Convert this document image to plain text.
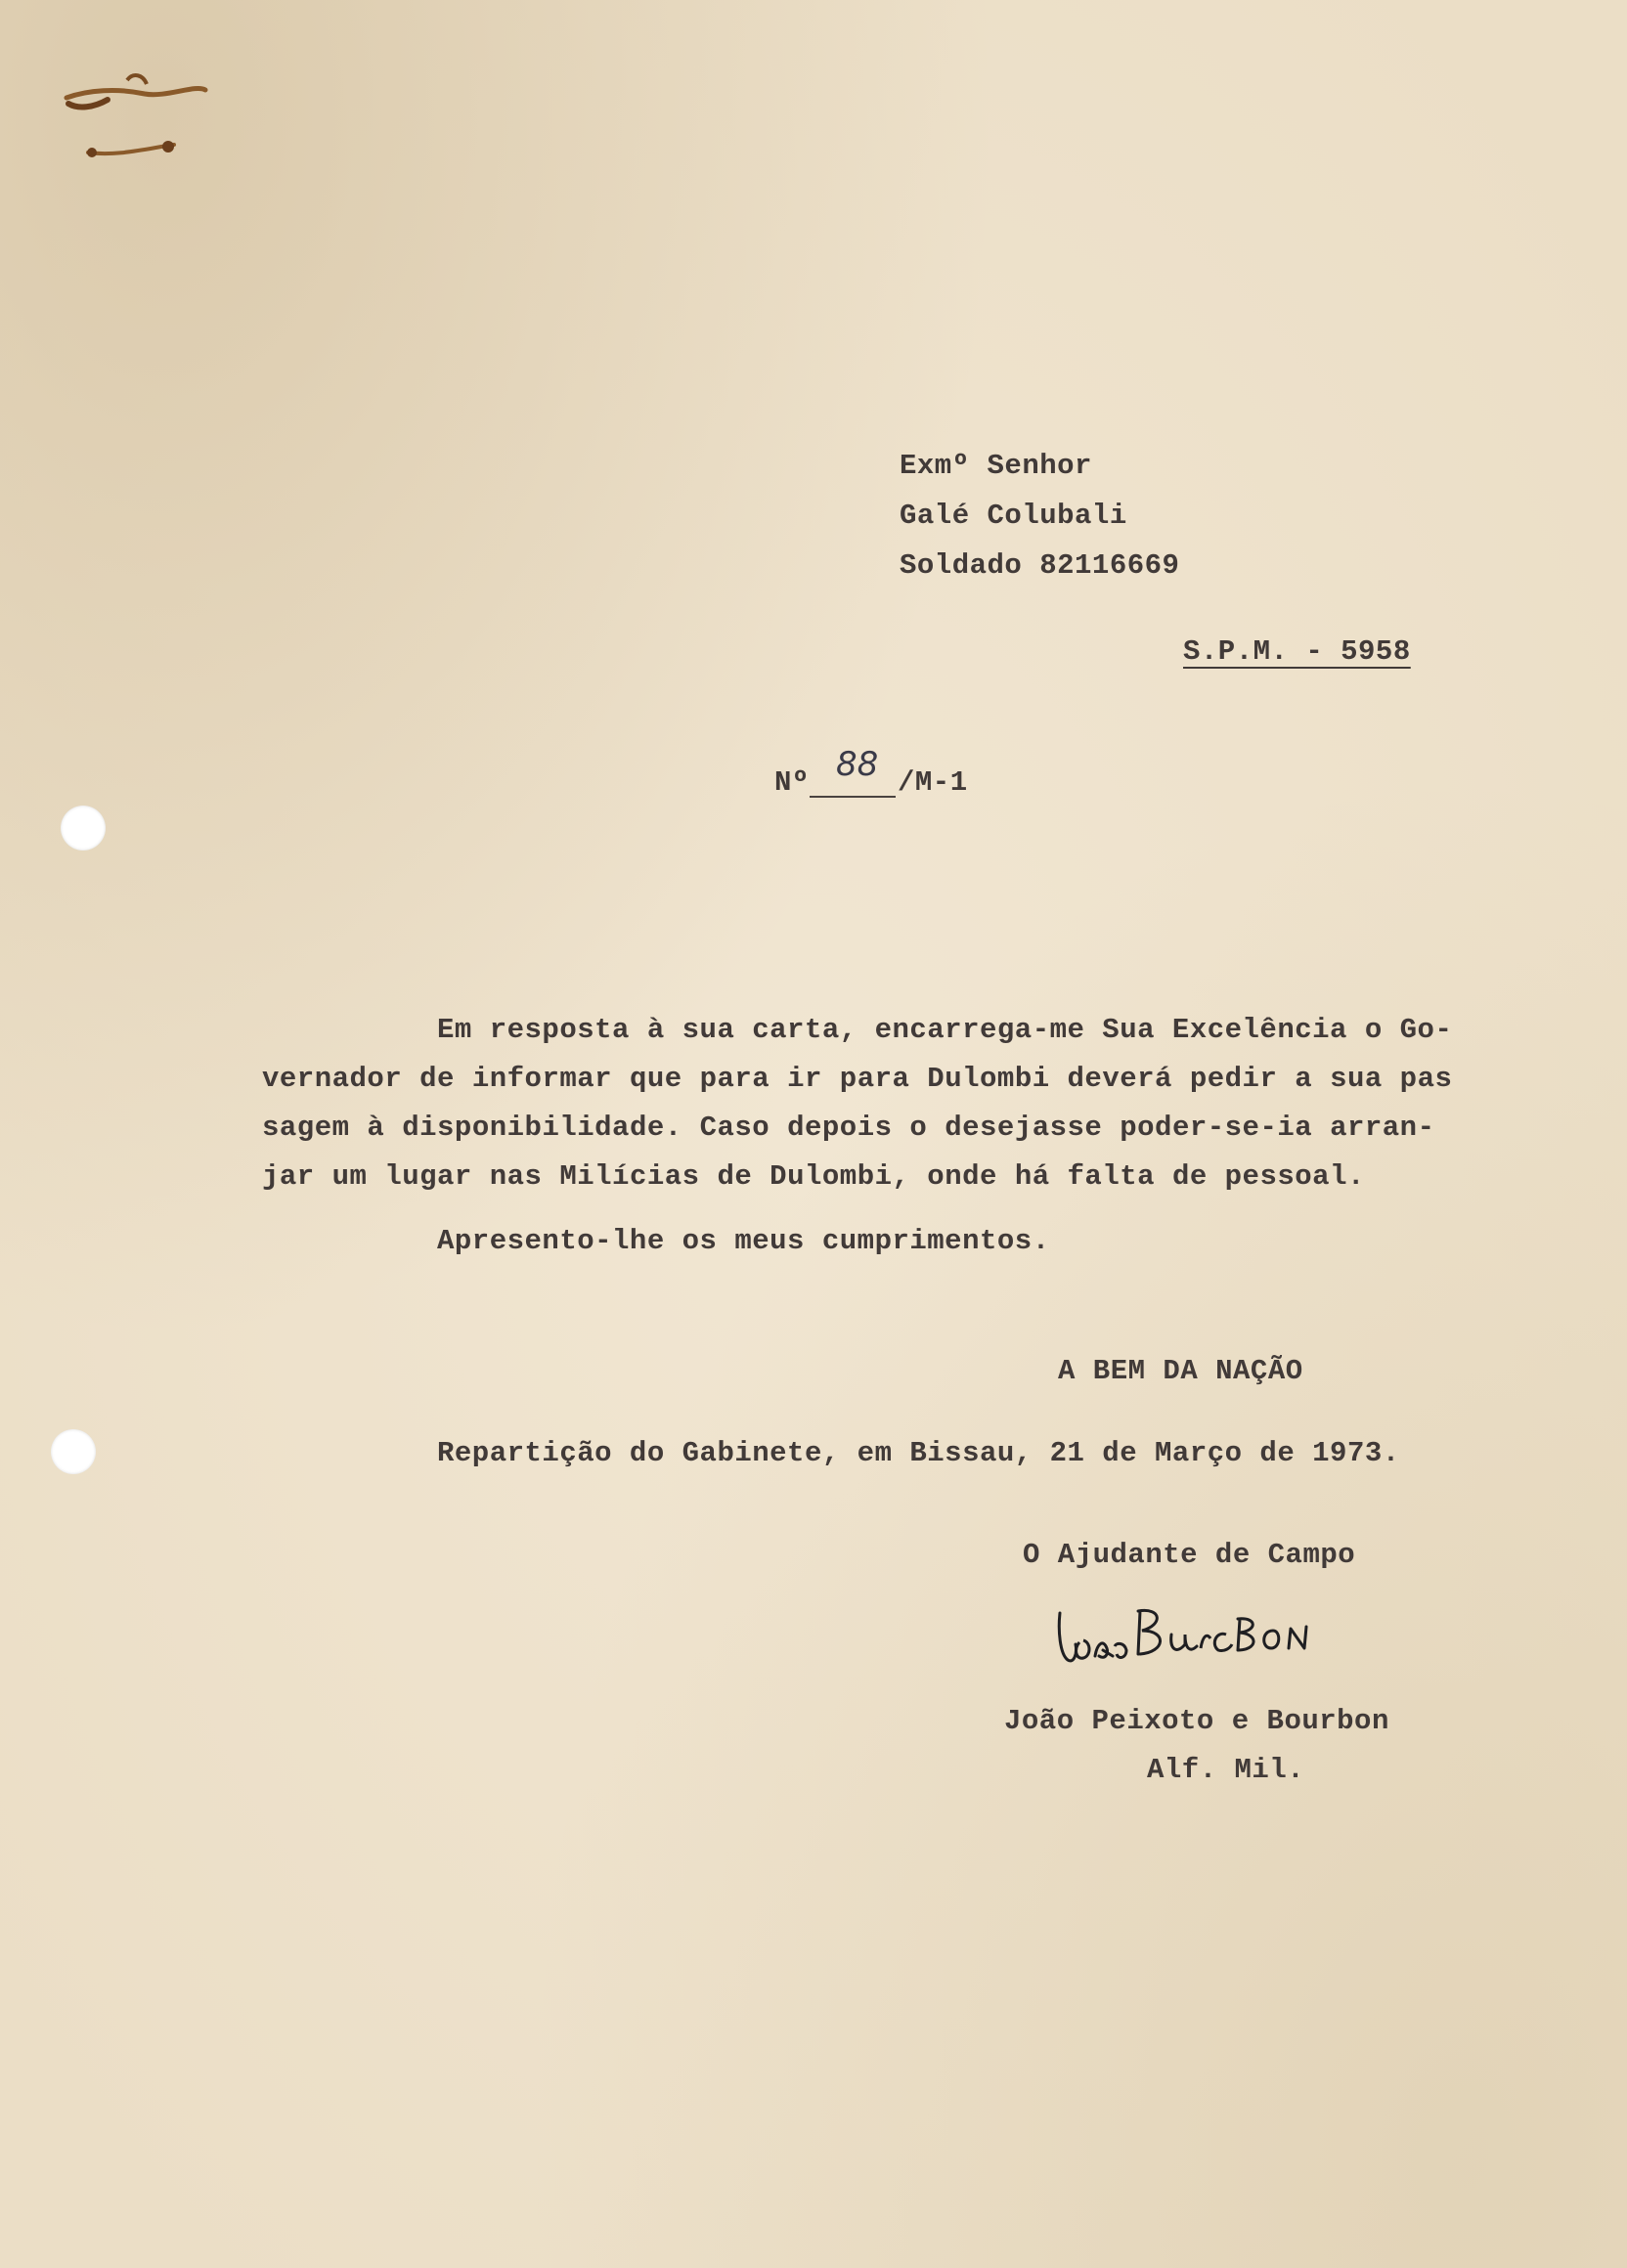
Exmº Senhor

Galé Colubali

Soldado 82116669

S.P.M. - 5958

Nº 88 /M-1

Em resposta à sua carta, encarrega-me Sua Excelência o Go-

vernador de informar que para ir para Dulombi deverá pedir a sua pas

sagem à disponibilidade. Caso depois o desejasse poder-se-ia arran-

jar um lugar nas Milícias de Dulombi, onde há falta de pessoal.

Apresento-lhe os meus cumprimentos.

A BEM DA NAÇÃO

Repartição do Gabinete, em Bissau, 21 de Março de 1973.

O Ajudante de Campo

João Peixoto e Bourbon

Alf. Mil.
